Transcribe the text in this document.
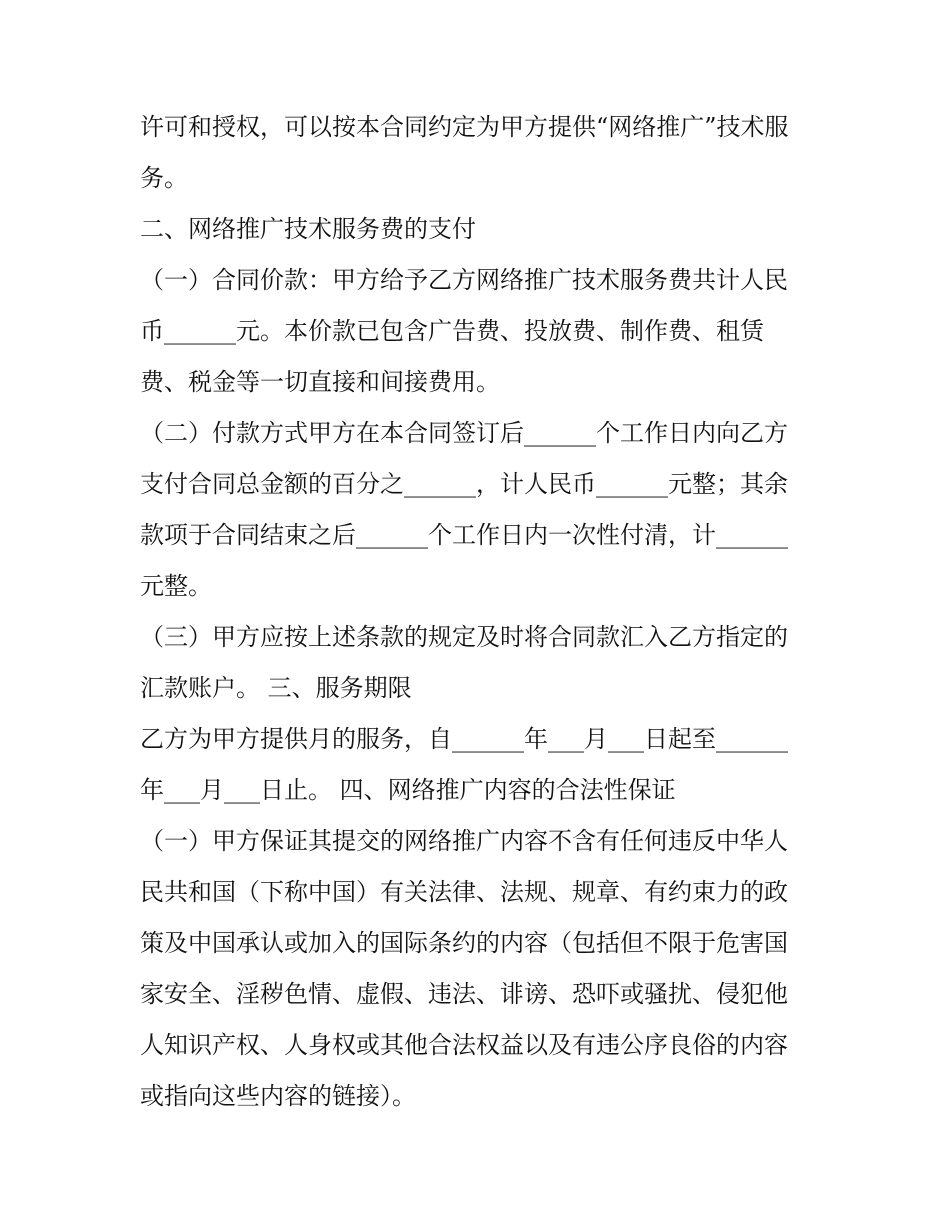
许可和授权，可以按本合同约定为甲方提供“网络推广”技术服
务。
二、网络推广技术服务费的支付
（一）合同价款：甲方给予乙方网络推广技术服务费共计人民
币______元。本价款已包含广告费、投放费、制作费、租赁
费、税金等一切直接和间接费用。
（二）付款方式甲方在本合同签订后______个工作日内向乙方
支付合同总金额的百分之______，计人民币______元整；其余
款项于合同结束之后______个工作日内一次性付清，计______
元整。
（三）甲方应按上述条款的规定及时将合同款汇入乙方指定的
汇款账户。 三、服务期限
乙方为甲方提供月的服务，自______年___月___日起至______
年___月___日止。 四、网络推广内容的合法性保证
（一）甲方保证其提交的网络推广内容不含有任何违反中华人
民共和国（下称中国）有关法律、法规、规章、有约束力的政
策及中国承认或加入的国际条约的内容（包括但不限于危害国
家安全、淫秽色情、虚假、违法、诽谤、恐吓或骚扰、侵犯他
人知识产权、人身权或其他合法权益以及有违公序良俗的内容
或指向这些内容的链接）。
